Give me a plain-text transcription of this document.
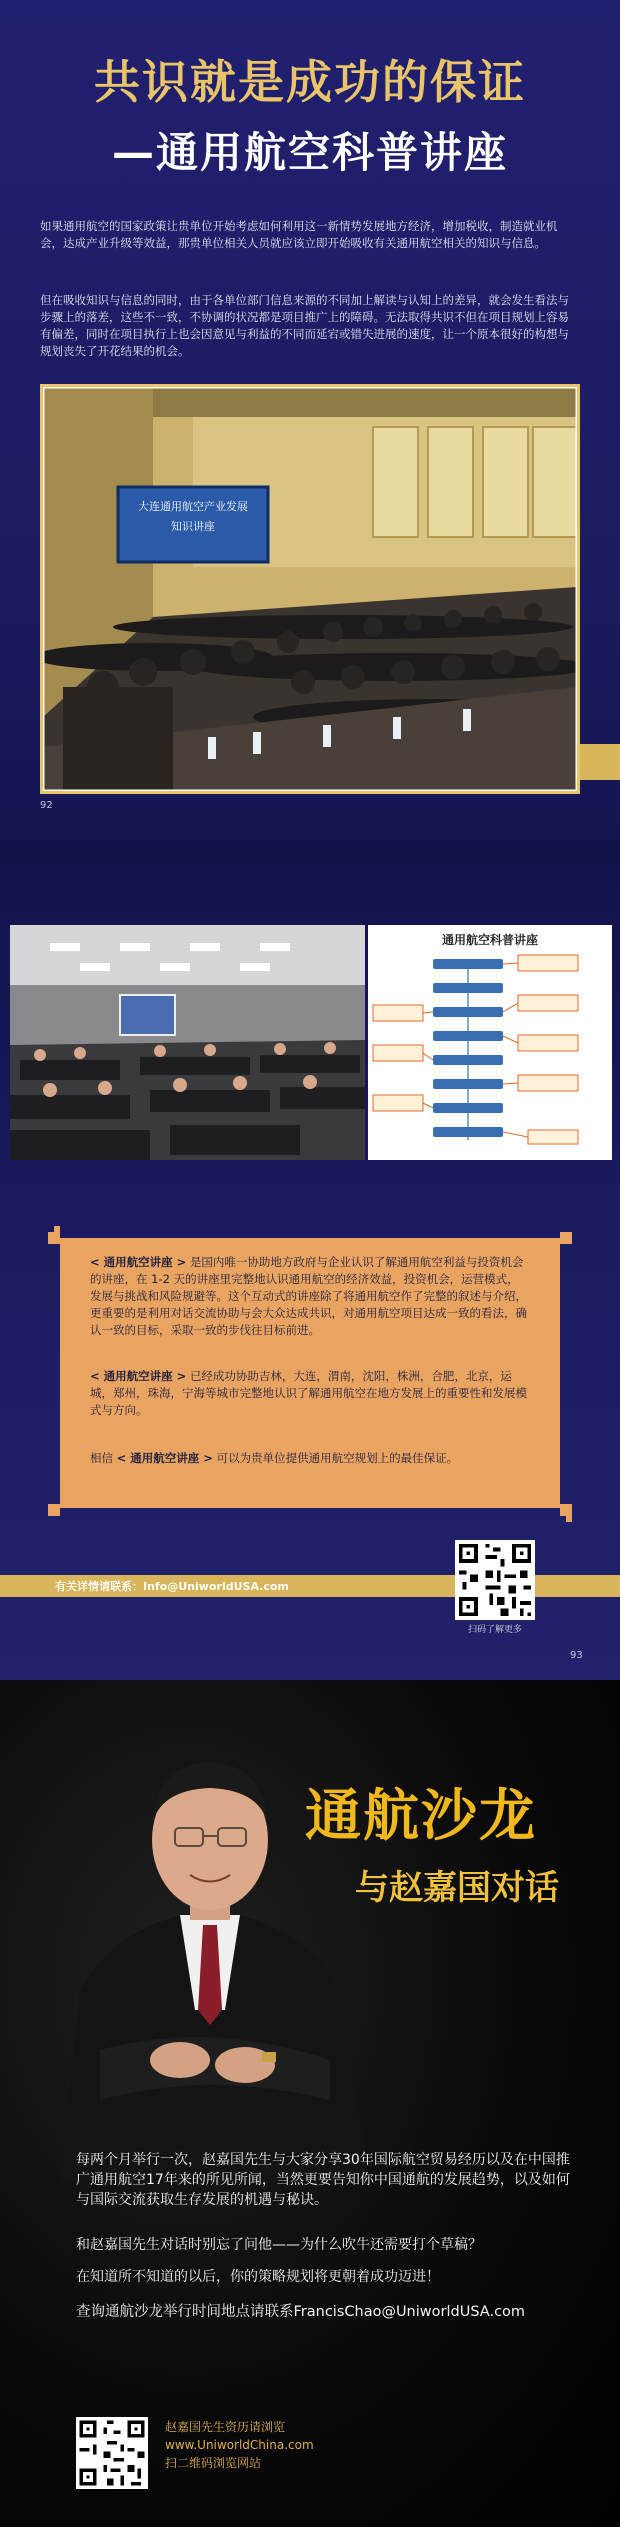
共识就是成功的保证
—通用航空科普讲座
如果通用航空的国家政策让贵单位开始考虑如何利用这一新情势发展地方经济，增加税收，制造就业机会，达成产业升级等效益，那贵单位相关人员就应该立即开始吸收有关通用航空相关的知识与信息。
但在吸收知识与信息的同时，由于各单位部门信息来源的不同加上解读与认知上的差异，就会发生看法与步骤上的落差，这些不一致，不协调的状况都是项目推广上的障碍。无法取得共识不但在项目规划上容易有偏差，同时在项目执行上也会因意见与利益的不同而延宕或错失进展的速度，让一个原本很好的构想与规划丧失了开花结果的机会。
大连通用航空产业发展
知识讲座
92
通用航空科普讲座
< 通用航空讲座 > 是国内唯一协助地方政府与企业认识了解通用航空利益与投资机会的讲座，在 1-2 天的讲座里完整地认识通用航空的经济效益，投资机会，运营模式，发展与挑战和风险规避等。这个互动式的讲座除了将通用航空作了完整的叙述与介绍，更重要的是利用对话交流协助与会大众达成共识，对通用航空项目达成一致的看法，确认一致的目标，采取一致的步伐往目标前进。
< 通用航空讲座 > 已经成功协助吉林，大连，渭南，沈阳，株洲，合肥，北京，运城，郑州，珠海，宁海等城市完整地认识了解通用航空在地方发展上的重要性和发展模式与方向。
相信 < 通用航空讲座 > 可以为贵单位提供通用航空规划上的最佳保证。
有关详情请联系：Info@UniworldUSA.com
扫码了解更多
93
通航沙龙
与赵嘉国对话
每两个月举行一次，赵嘉国先生与大家分享30年国际航空贸易经历以及在中国推广通用航空17年来的所见所闻，当然更要告知你中国通航的发展趋势，以及如何与国际交流获取生存发展的机遇与秘诀。
和赵嘉国先生对话时别忘了问他——为什么吹牛还需要打个草稿？
在知道所不知道的以后，你的策略规划将更朝着成功迈进！
查询通航沙龙举行时间地点请联系FrancisChao@UniworldUSA.com
赵嘉国先生资历请浏览
www.UniworldChina.com
扫二维码浏览网站
